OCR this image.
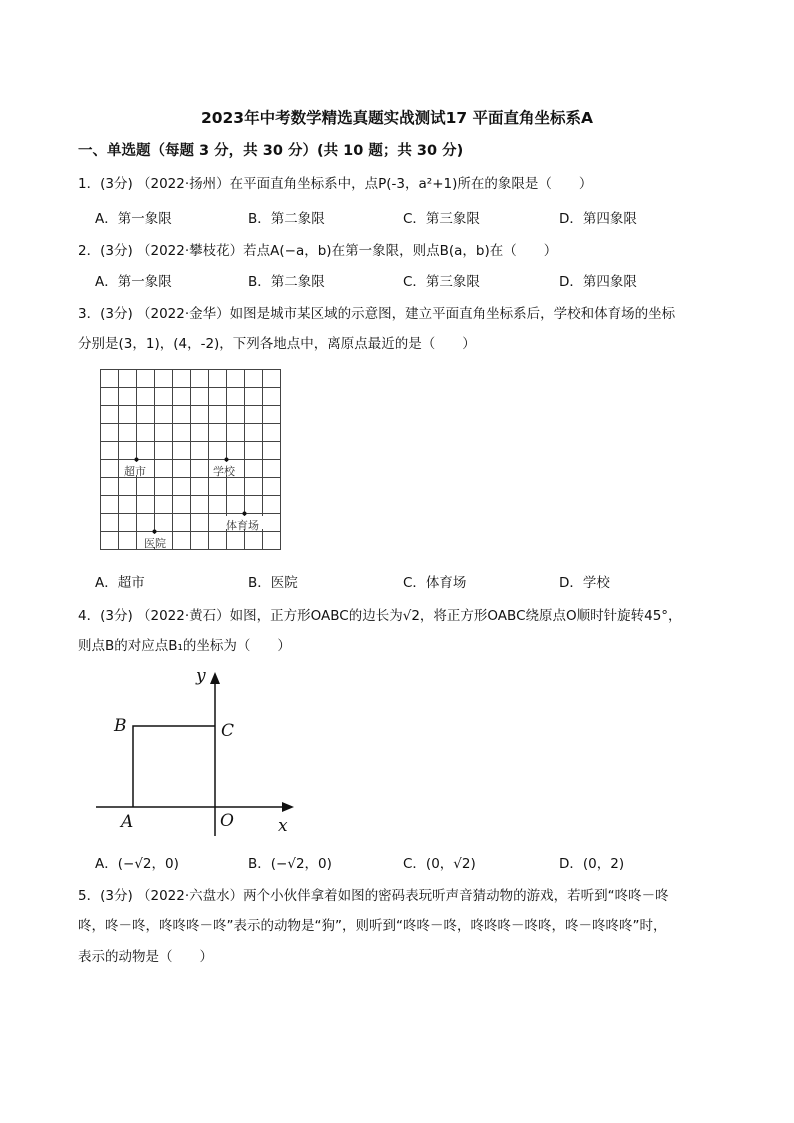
2023年中考数学精选真题实战测试17 平面直角坐标系A
一、单选题（每题 3 分，共 30 分）(共 10 题；共 30 分)
1．(3分) （2022·扬州）在平面直角坐标系中，点P(-3，a²+1)所在的象限是（　　）
A．第一象限	B．第二象限	C．第三象限	D．第四象限
2．(3分) （2022·攀枝花）若点A(−a，b)在第一象限，则点B(a，b)在（　　）
A．第一象限	B．第二象限	C．第三象限	D．第四象限
3．(3分) （2022·金华）如图是城市某区域的示意图，建立平面直角坐标系后，学校和体育场的坐标
分别是(3，1)，(4，-2)，下列各地点中，离原点最近的是（　　）
超市	学校
体育场
医院
A．超市	B．医院	C．体育场	D．学校
4．(3分) （2022·黄石）如图，正方形OABC的边长为√2，将正方形OABC绕原点O顺时针旋转45°，
则点B的对应点B₁的坐标为（　　）
y
x
B	C
A	O
A．(−√2，0)	B．(−√2，0)	C．(0，√2)	D．(0，2)
5．(3分) （2022·六盘水）两个小伙伴拿着如图的密码表玩听声音猜动物的游戏，若听到“咚咚－咚
咚，咚－咚，咚咚咚－咚”表示的动物是“狗”，则听到“咚咚－咚，咚咚咚－咚咚，咚－咚咚咚”时，
表示的动物是（　　）
